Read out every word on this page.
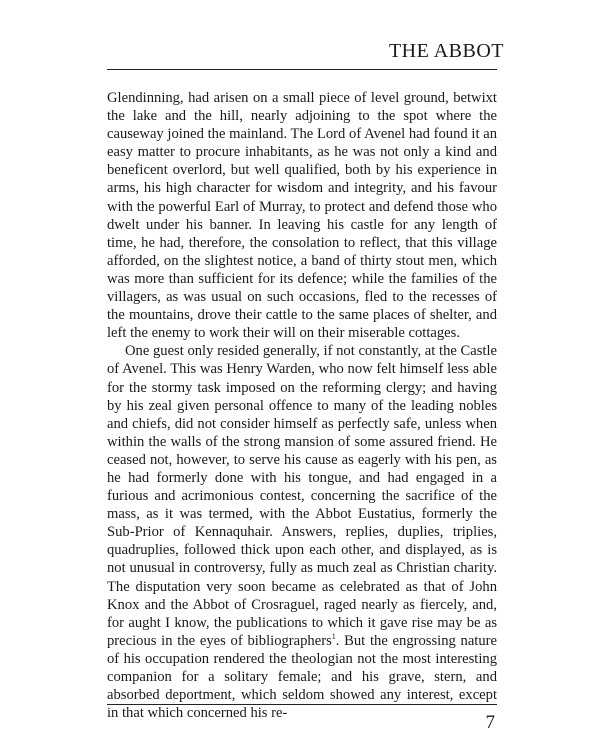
THE ABBOT

Glendinning, had arisen on a small piece of level ground, betwixt the lake and the hill, nearly adjoining to the spot where the causeway joined the mainland. The Lord of Avenel had found it an easy matter to procure inhabitants, as he was not only a kind and beneficent overlord, but well qualified, both by his experience in arms, his high character for wisdom and integrity, and his favour with the powerful Earl of Murray, to protect and defend those who dwelt under his banner. In leaving his castle for any length of time, he had, therefore, the consolation to reflect, that this village afforded, on the slightest notice, a band of thirty stout men, which was more than sufficient for its defence; while the families of the villagers, as was usual on such occasions, fled to the recesses of the mountains, drove their cattle to the same places of shelter, and left the enemy to work their will on their miserable cottages.

One guest only resided generally, if not constantly, at the Castle of Avenel. This was Henry Warden, who now felt himself less able for the stormy task imposed on the reforming clergy; and having by his zeal given personal offence to many of the leading nobles and chiefs, did not consider himself as perfectly safe, unless when within the walls of the strong mansion of some assured friend. He ceased not, however, to serve his cause as eagerly with his pen, as he had formerly done with his tongue, and had engaged in a furious and acrimonious contest, concerning the sacrifice of the mass, as it was termed, with the Abbot Eustatius, formerly the Sub-Prior of Kennaquhair. Answers, replies, duplies, triplies, quadruplies, followed thick upon each other, and displayed, as is not unusual in controversy, fully as much zeal as Christian charity. The disputation very soon became as celebrated as that of John Knox and the Abbot of Crosraguel, raged nearly as fiercely, and, for aught I know, the publications to which it gave rise may be as precious in the eyes of bibliographers$^1$. But the engrossing nature of his occupation rendered the theologian not the most interesting companion for a solitary female; and his grave, stern, and absorbed deportment, which seldom showed any interest, except in that which concerned his re-	7
